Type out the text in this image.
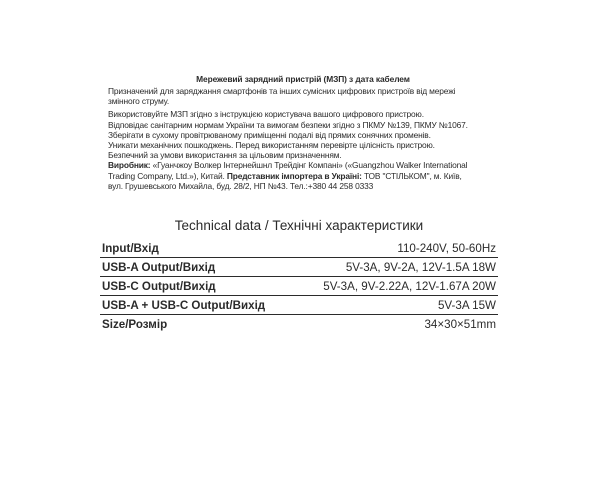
Мережевий зарядний пристрій (МЗП) з дата кабелем
Призначений для заряджання смартфонів та інших сумісних цифрових пристроїв від мережі
змінного струму.
Використовуйте МЗП згідно з інструкцією користувача вашого цифрового пристрою.
Відповідає санітарним нормам України та вимогам безпеки згідно з ПКМУ №139, ПКМУ №1067.
Зберігати в сухому провітрюваному приміщенні подалі від прямих сонячних променів.
Уникати механічних пошкоджень. Перед використанням перевірте цілісність пристрою.
Безпечний за умови використання за цільовим призначенням.
Виробник: «Гуанчжоу Волкер Інтернейшнл Трейдінг Компані» («Guangzhou Walker International
Trading Company, Ltd.»), Китай. Представник імпортера в Україні: ТОВ "СТІЛЬКОМ", м. Київ,
вул. Грушевського Михайла, буд. 28/2, НП №43. Тел.:+380 44 258 0333
Technical data / Технічні характеристики
Input/Вхід	110-240V, 50-60Hz
USB-A Output/Вихід	5V-3A, 9V-2A, 12V-1.5A 18W
USB-C Output/Вихід	5V-3A, 9V-2.22A, 12V-1.67A 20W
USB-A + USB-C Output/Вихід	5V-3A 15W
Size/Розмір	34×30×51mm
